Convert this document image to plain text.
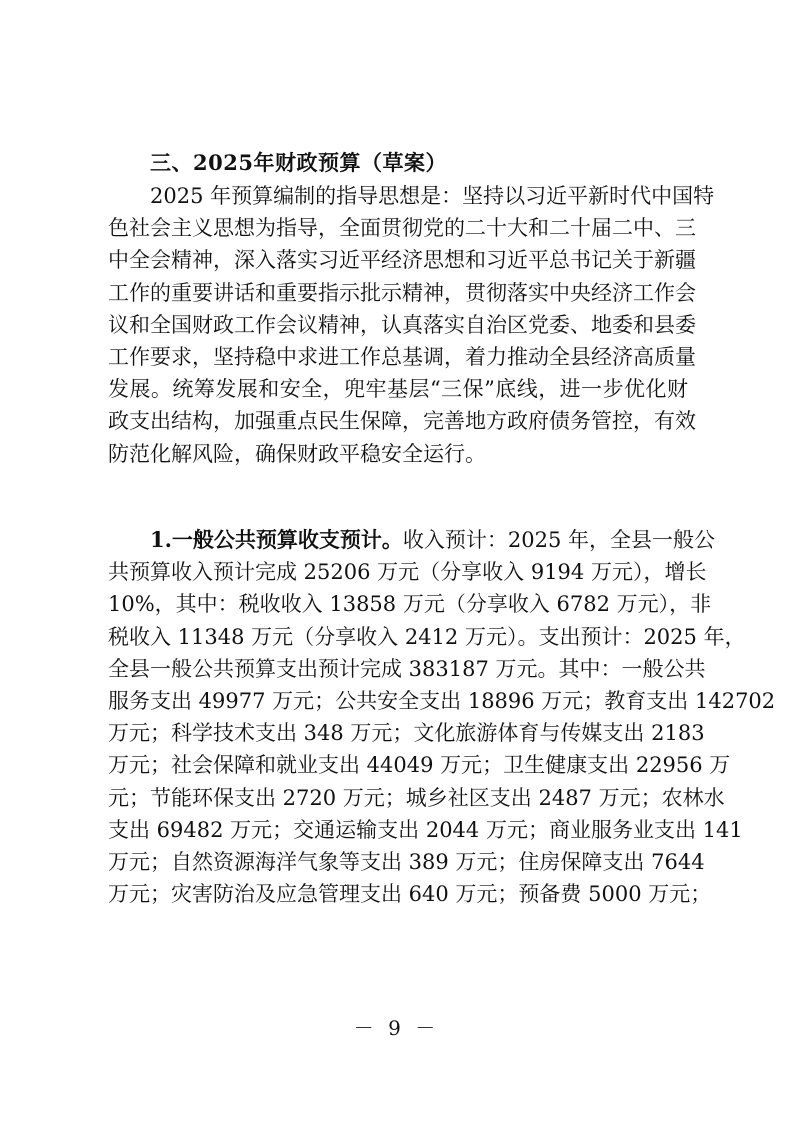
三、2025年财政预算（草案）
2025 年预算编制的指导思想是：坚持以习近平新时代中国特
色社会主义思想为指导，全面贯彻党的二十大和二十届二中、三
中全会精神，深入落实习近平经济思想和习近平总书记关于新疆
工作的重要讲话和重要指示批示精神，贯彻落实中央经济工作会
议和全国财政工作会议精神，认真落实自治区党委、地委和县委
工作要求，坚持稳中求进工作总基调，着力推动全县经济高质量
发展。统筹发展和安全，兜牢基层“三保”底线，进一步优化财
政支出结构，加强重点民生保障，完善地方政府债务管控，有效
防范化解风险，确保财政平稳安全运行。
1.一般公共预算收支预计。收入预计：2025 年，全县一般公
共预算收入预计完成 25206 万元（分享收入 9194 万元），增长
10%，其中：税收收入 13858 万元（分享收入 6782 万元），非
税收入 11348 万元（分享收入 2412 万元）。支出预计：2025 年，
全县一般公共预算支出预计完成 383187 万元。其中：一般公共
服务支出 49977 万元；公共安全支出 18896 万元；教育支出 142702
万元；科学技术支出 348 万元；文化旅游体育与传媒支出 2183
万元；社会保障和就业支出 44049 万元；卫生健康支出 22956 万
元；节能环保支出 2720 万元；城乡社区支出 2487 万元；农林水
支出 69482 万元；交通运输支出 2044 万元；商业服务业支出 141
万元；自然资源海洋气象等支出 389 万元；住房保障支出 7644
万元；灾害防治及应急管理支出 640 万元；预备费 5000 万元；
－ 9 －
